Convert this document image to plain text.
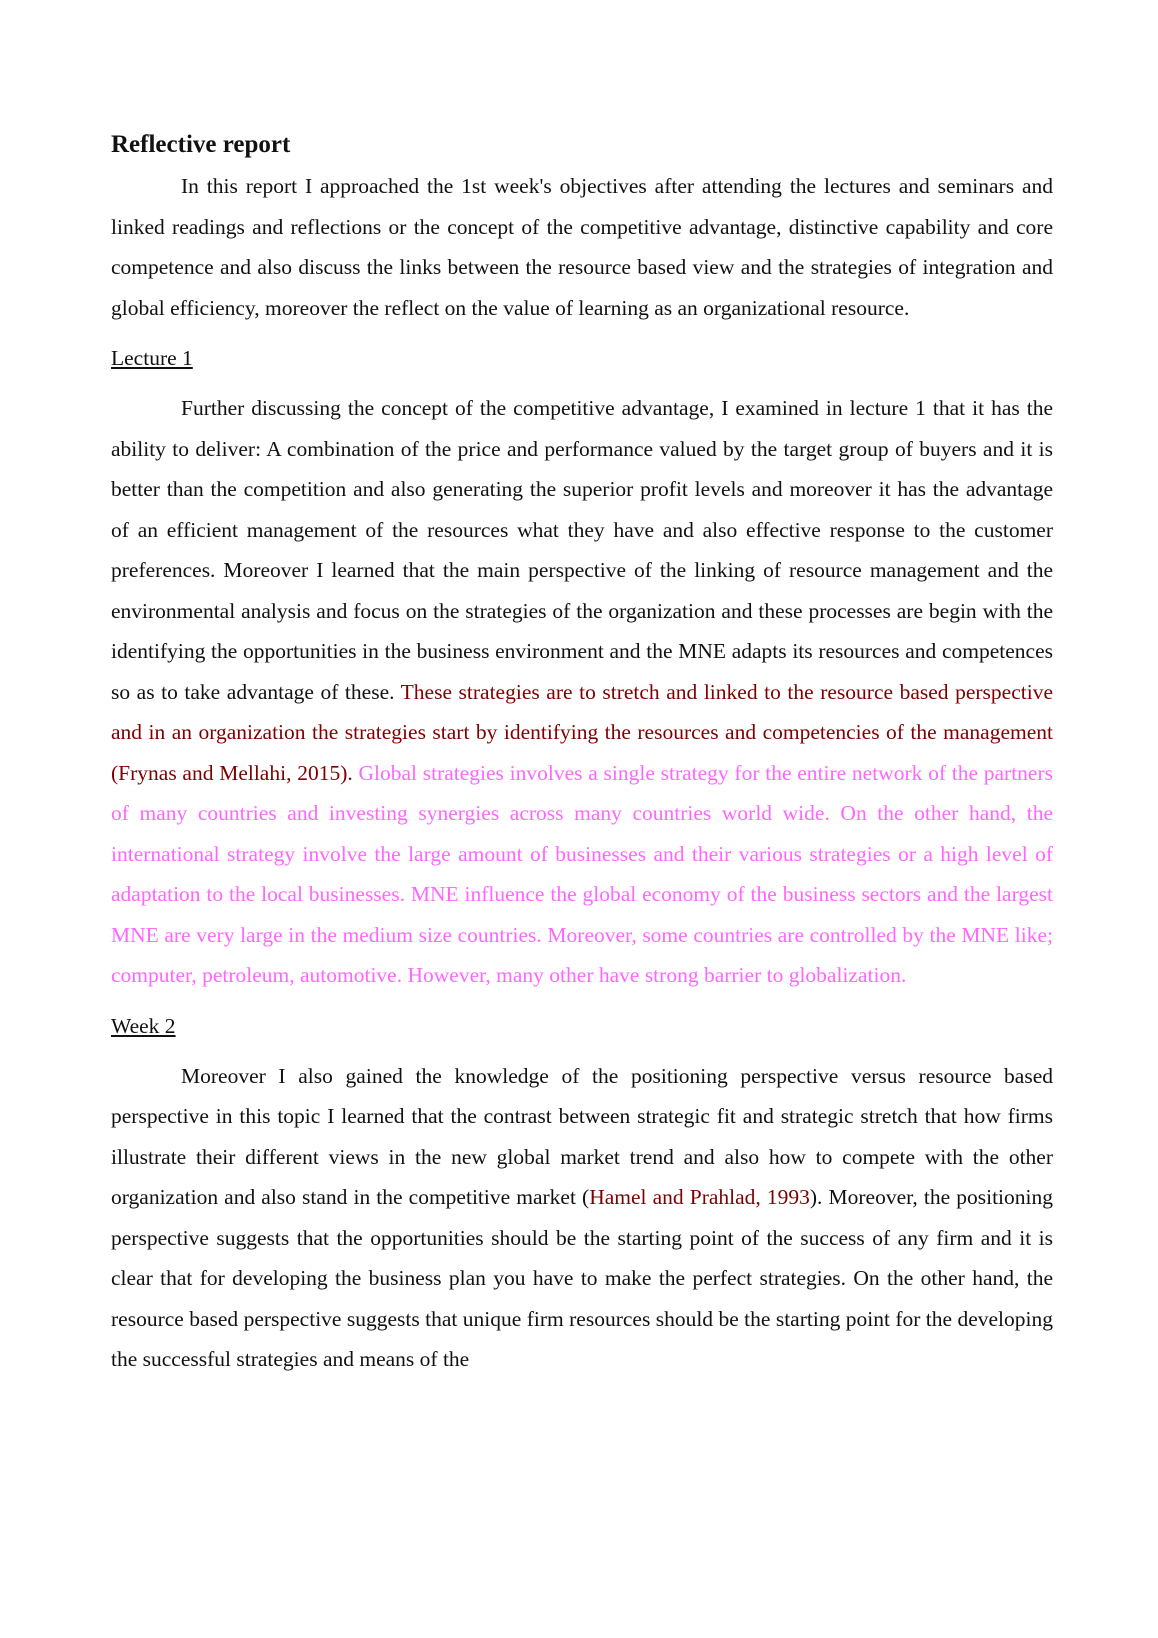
Reflective report

In this report I approached the 1st week's objectives after attending the lectures and seminars and linked readings and reflections or the concept of the competitive advantage, distinctive capability and core competence and also discuss the links between the resource based view and the strategies of integration and global efficiency, moreover the reflect on the value of learning as an organizational resource.

Lecture 1

Further discussing the concept of the competitive advantage, I examined in lecture 1 that it has the ability to deliver: A combination of the price and performance valued by the target group of buyers and it is better than the competition and also generating the superior profit levels and moreover it has the advantage of an efficient management of the resources what they have and also effective response to the customer preferences. Moreover I learned that the main perspective of the linking of resource management and the environmental analysis and focus on the strategies of the organization and these processes are begin with the identifying the opportunities in the business environment and the MNE adapts its resources and competences so as to take advantage of these. These strategies are to stretch and linked to the resource based perspective and in an organization the strategies start by identifying the resources and competencies of the management (Frynas and Mellahi, 2015). Global strategies involves a single strategy for the entire network of the partners of many countries and investing synergies across many countries world wide. On the other hand, the international strategy involve the large amount of businesses and their various strategies or a high level of adaptation to the local businesses. MNE influence the global economy of the business sectors and the largest MNE are very large in the medium size countries. Moreover, some countries are controlled by the MNE like; computer, petroleum, automotive. However, many other have strong barrier to globalization.

Week 2

Moreover I also gained the knowledge of the positioning perspective versus resource based perspective in this topic I learned that the contrast between strategic fit and strategic stretch that how firms illustrate their different views in the new global market trend and also how to compete with the other organization and also stand in the competitive market (Hamel and Prahlad, 1993). Moreover, the positioning perspective suggests that the opportunities should be the starting point of the success of any firm and it is clear that for developing the business plan you have to make the perfect strategies. On the other hand, the resource based perspective suggests that unique firm resources should be the starting point for the developing the successful strategies and means of the
